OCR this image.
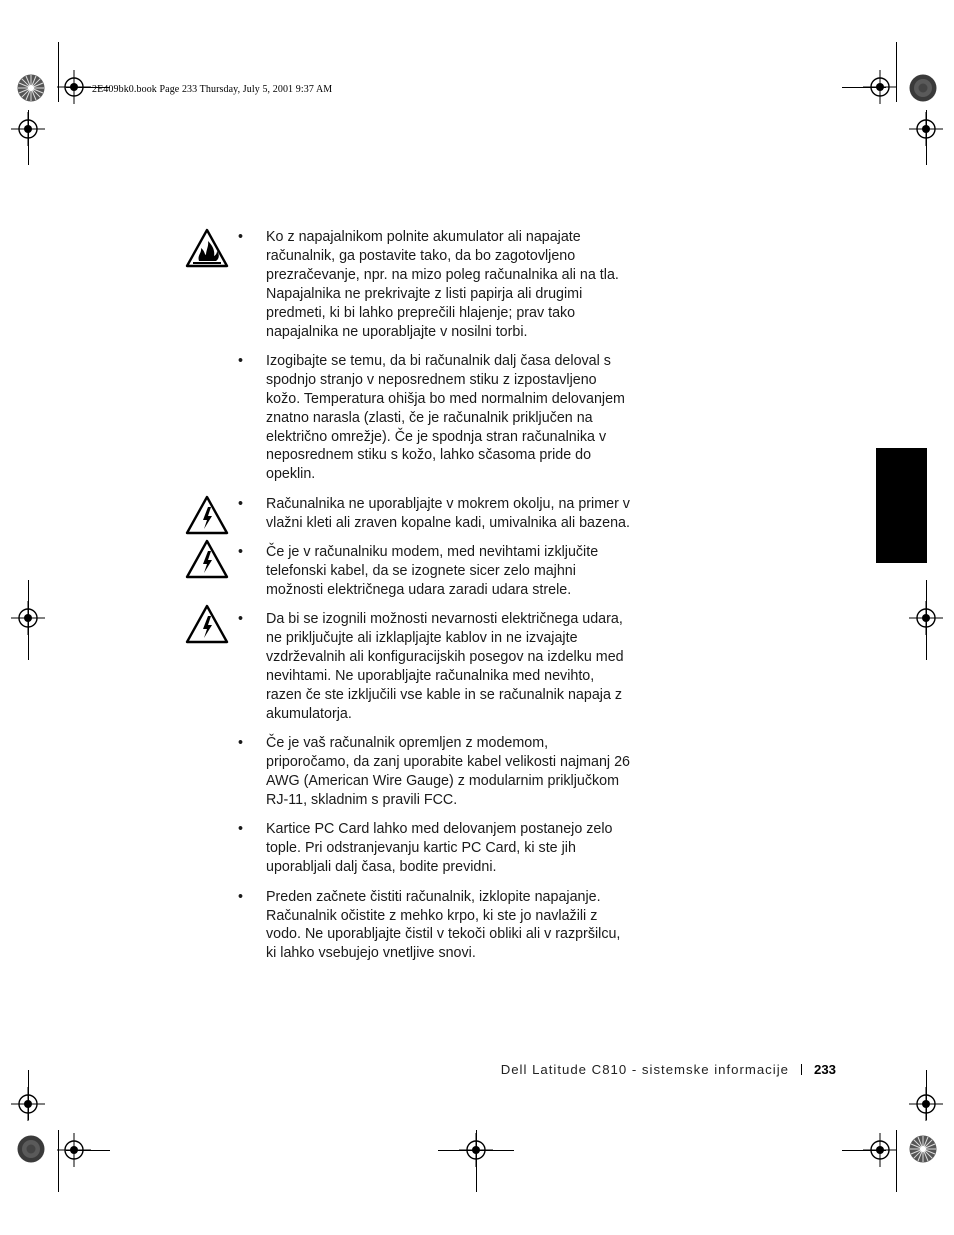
2E409bk0.book Page 233 Thursday, July 5, 2001 9:37 AM
• Ko z napajalnikom polnite akumulator ali napajate računalnik, ga postavite tako, da bo zagotovljeno prezračevanje, npr. na mizo poleg računalnika ali na tla. Napajalnika ne prekrivajte z listi papirja ali drugimi predmeti, ki bi lahko preprečili hlajenje; prav tako napajalnika ne uporabljajte v nosilni torbi.
• Izogibajte se temu, da bi računalnik dalj časa deloval s spodnjo stranjo v neposrednem stiku z izpostavljeno kožo. Temperatura ohišja bo med normalnim delovanjem znatno narasla (zlasti, če je računalnik priključen na električno omrežje). Če je spodnja stran računalnika v neposrednem stiku s kožo, lahko sčasoma pride do opeklin.
• Računalnika ne uporabljajte v mokrem okolju, na primer v vlažni kleti ali zraven kopalne kadi, umivalnika ali bazena.
• Če je v računalniku modem, med nevihtami izključite telefonski kabel, da se izognete sicer zelo majhni možnosti električnega udara zaradi udara strele.
• Da bi se izognili možnosti nevarnosti električnega udara, ne priključujte ali izklapljajte kablov in ne izvajajte vzdrževalnih ali konfiguracijskih posegov na izdelku med nevihtami. Ne uporabljajte računalnika med nevihto, razen če ste izključili vse kable in se računalnik napaja z akumulatorja.
• Če je vaš računalnik opremljen z modemom, priporočamo, da zanj uporabite kabel velikosti najmanj 26 AWG (American Wire Gauge) z modularnim priključkom RJ-11, skladnim s pravili FCC.
• Kartice PC Card lahko med delovanjem postanejo zelo tople. Pri odstranjevanju kartic PC Card, ki ste jih uporabljali dalj časa, bodite previdni.
• Preden začnete čistiti računalnik, izklopite napajanje. Računalnik očistite z mehko krpo, ki ste jo navlažili z vodo. Ne uporabljajte čistil v tekoči obliki ali v razpršilcu, ki lahko vsebujejo vnetljive snovi.
Dell Latitude C810 - sistemske informacije 233
